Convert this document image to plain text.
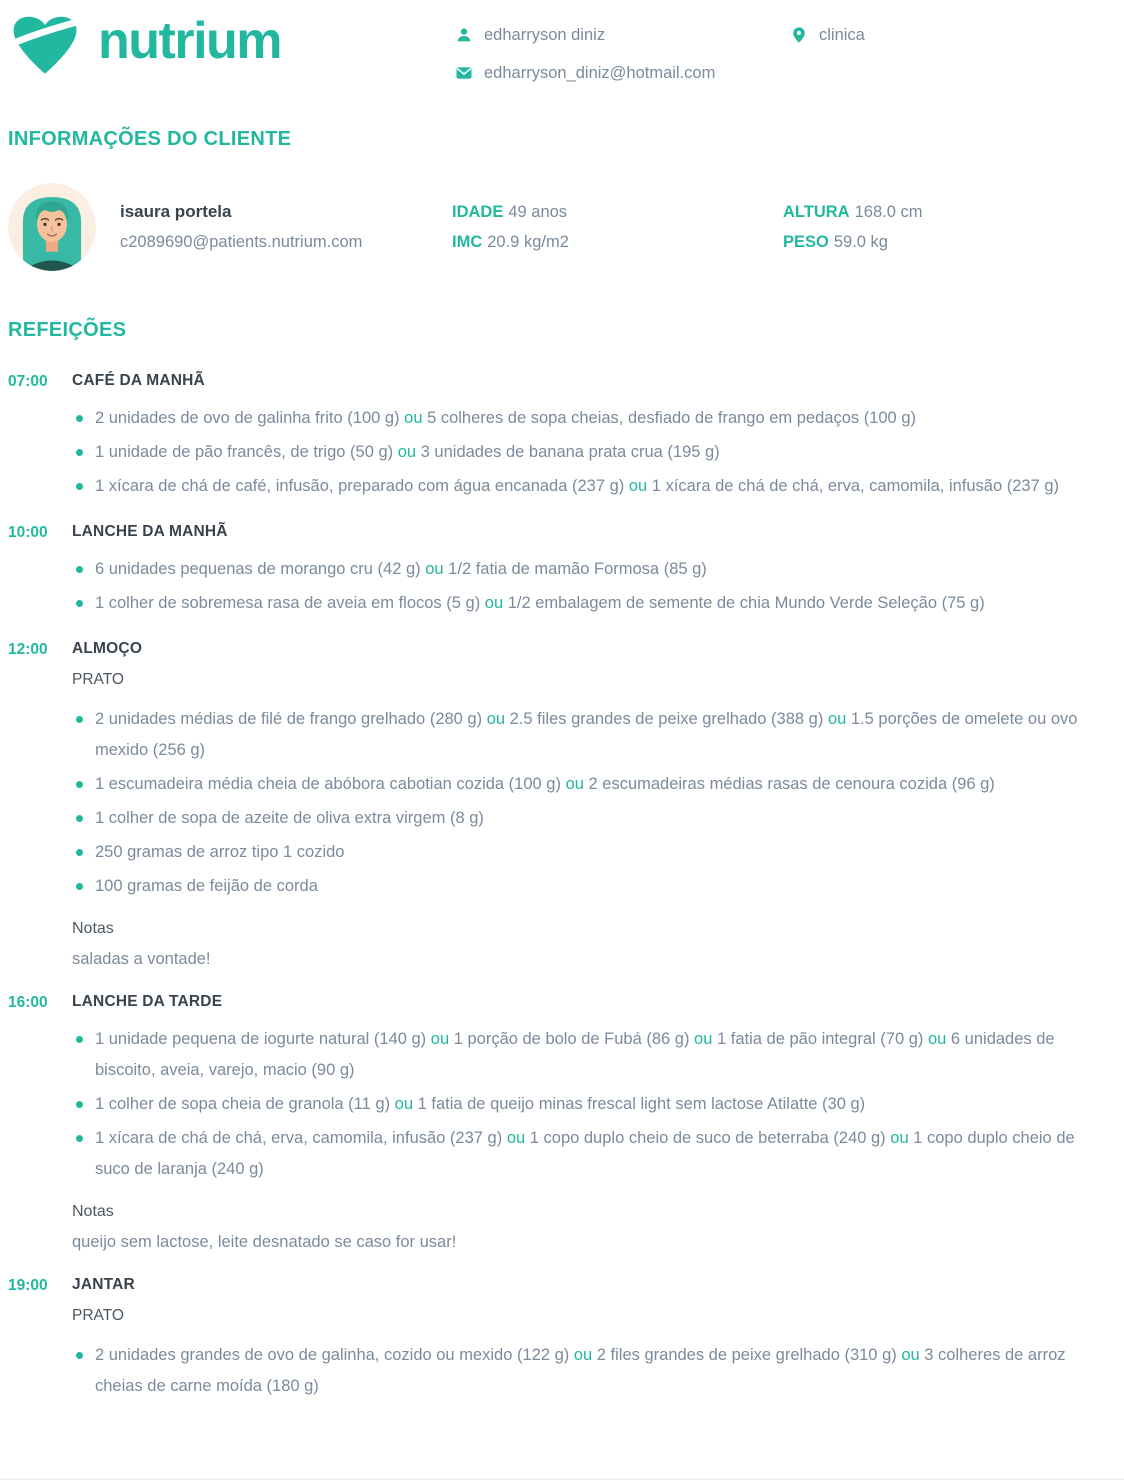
nutrium	edharryson diniz
edharryson_diniz@hotmail.com
clinica
INFORMAÇÕES DO CLIENTE
isaura portela
c2089690@patients.nutrium.com
IDADE 49 anos
IMC 20.9 kg/m2
ALTURA 168.0 cm
PESO 59.0 kg
REFEIÇÕES
07:00	CAFÉ DA MANHÃ
2 unidades de ovo de galinha frito (100 g) ou 5 colheres de sopa cheias, desfiado de frango em pedaços (100 g)
1 unidade de pão francês, de trigo (50 g) ou 3 unidades de banana prata crua (195 g)
1 xícara de chá de café, infusão, preparado com água encanada (237 g) ou 1 xícara de chá de chá, erva, camomila, infusão (237 g)
10:00	LANCHE DA MANHÃ
6 unidades pequenas de morango cru (42 g) ou 1/2 fatia de mamão Formosa (85 g)
1 colher de sobremesa rasa de aveia em flocos (5 g) ou 1/2 embalagem de semente de chia Mundo Verde Seleção (75 g)
12:00	ALMOÇO
PRATO
2 unidades médias de filé de frango grelhado (280 g) ou 2.5 files grandes de peixe grelhado (388 g) ou 1.5 porções de omelete ou ovo mexido (256 g)
1 escumadeira média cheia de abóbora cabotian cozida (100 g) ou 2 escumadeiras médias rasas de cenoura cozida (96 g)
1 colher de sopa de azeite de oliva extra virgem (8 g)
250 gramas de arroz tipo 1 cozido
100 gramas de feijão de corda
Notas
saladas a vontade!
16:00	LANCHE DA TARDE
1 unidade pequena de iogurte natural (140 g) ou 1 porção de bolo de Fubá (86 g) ou 1 fatia de pão integral (70 g) ou 6 unidades de biscoito, aveia, varejo, macio (90 g)
1 colher de sopa cheia de granola (11 g) ou 1 fatia de queijo minas frescal light sem lactose Atilatte (30 g)
1 xícara de chá de chá, erva, camomila, infusão (237 g) ou 1 copo duplo cheio de suco de beterraba (240 g) ou 1 copo duplo cheio de suco de laranja (240 g)
Notas
queijo sem lactose, leite desnatado se caso for usar!
19:00	JANTAR
PRATO
2 unidades grandes de ovo de galinha, cozido ou mexido (122 g) ou 2 files grandes de peixe grelhado (310 g) ou 3 colheres de arroz cheias de carne moída (180 g)
